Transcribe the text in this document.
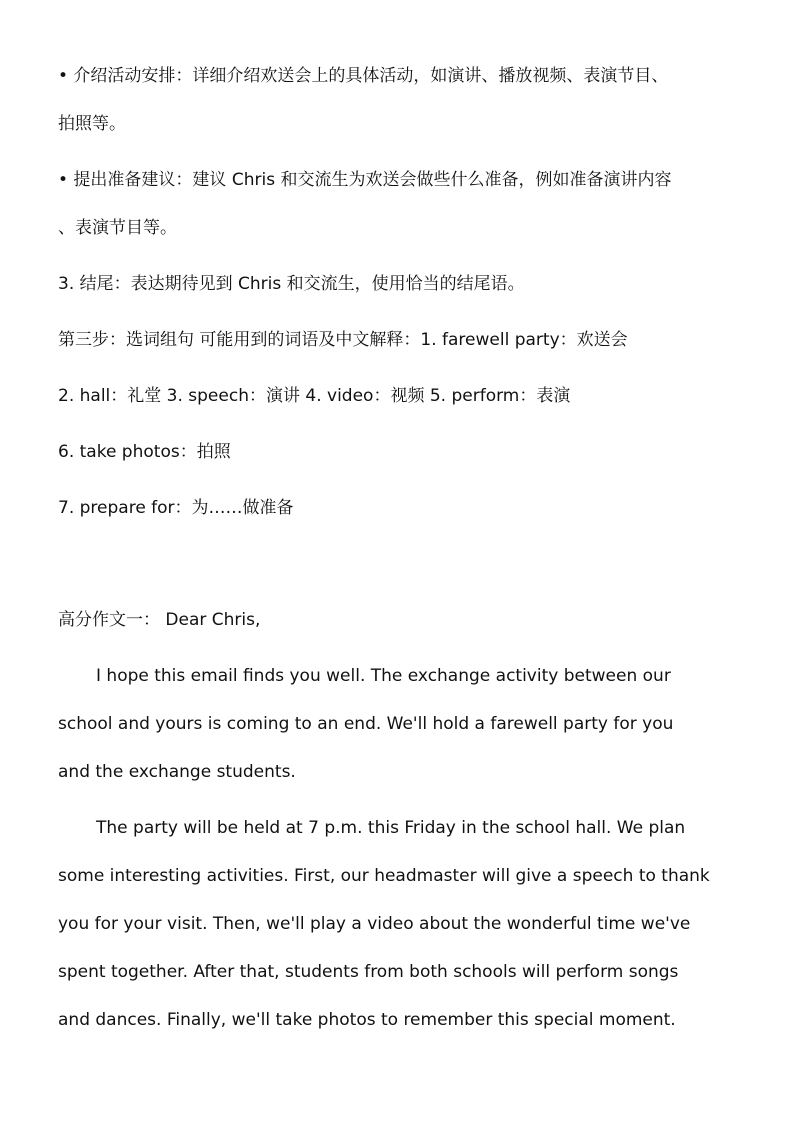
• 介绍活动安排：详细介绍欢送会上的具体活动，如演讲、播放视频、表演节目、
拍照等。
• 提出准备建议：建议 Chris 和交流生为欢送会做些什么准备，例如准备演讲内容
、表演节目等。
3. 结尾：表达期待见到 Chris 和交流生，使用恰当的结尾语。
第三步：选词组句 可能用到的词语及中文解释：1. farewell party：欢送会
2. hall：礼堂 3. speech：演讲 4. video：视频 5. perform：表演
6. take photos：拍照
7. prepare for：为……做准备
高分作文一： Dear Chris,
I hope this email finds you well. The exchange activity between our
school and yours is coming to an end. We'll hold a farewell party for you
and the exchange students.
The party will be held at 7 p.m. this Friday in the school hall. We plan
some interesting activities. First, our headmaster will give a speech to thank
you for your visit. Then, we'll play a video about the wonderful time we've
spent together. After that, students from both schools will perform songs
and dances. Finally, we'll take photos to remember this special moment.
